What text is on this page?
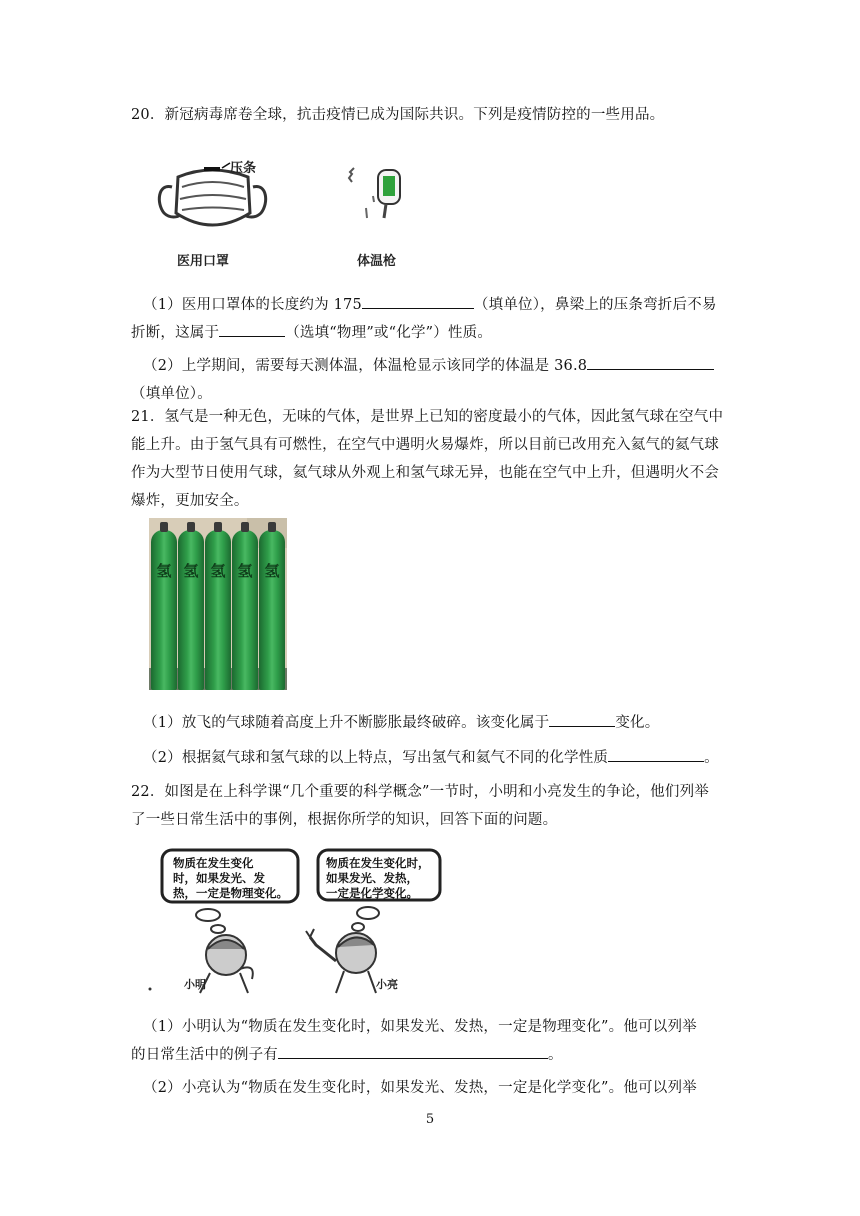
20．新冠病毒席卷全球，抗击疫情已成为国际共识。下列是疫情防控的一些用品。

压条
医用口罩	体温枪

（1）医用口罩体的长度约为 175	（填单位），鼻梁上的压条弯折后不易
折断，这属于	（选填“物理”或“化学”）性质。

（2）上学期间，需要每天测体温，体温枪显示该同学的体温是 36.8
（填单位）。

21．氢气是一种无色，无味的气体，是世界上已知的密度最小的气体，因此氢气球在空气中
能上升。由于氢气具有可燃性，在空气中遇明火易爆炸，所以目前已改用充入氦气的氦气球
作为大型节日使用气球，氦气球从外观上和氢气球无异，也能在空气中上升，但遇明火不会
爆炸，更加安全。

氢 氢 氢 氢 氢

（1）放飞的气球随着高度上升不断膨胀最终破碎。该变化属于	变化。

（2）根据氦气球和氢气球的以上特点，写出氢气和氦气不同的化学性质	。

22．如图是在上科学课“几个重要的科学概念”一节时，小明和小亮发生的争论，他们列举
了一些日常生活中的事例，根据你所学的知识，回答下面的问题。

物质在发生变化
时，如果发光、发
热，一定是物理变化。
物质在发生变化时，
如果发光、发热，
一定是化学变化。
小明	小亮

（1）小明认为“物质在发生变化时，如果发光、发热，一定是物理变化”。他可以列举
的日常生活中的例子有	。

（2）小亮认为“物质在发生变化时，如果发光、发热，一定是化学变化”。他可以列举

5
